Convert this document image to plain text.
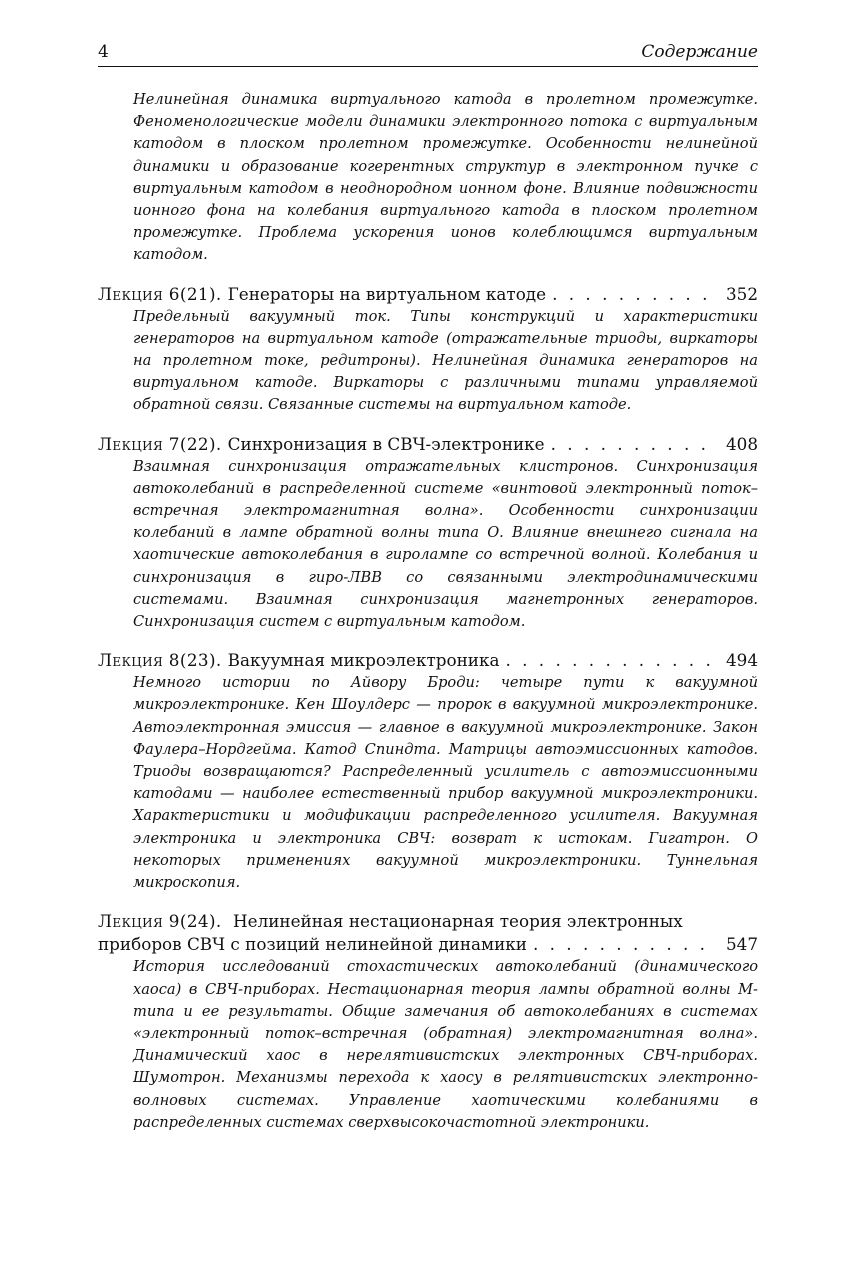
4	Содержание
Нелинейная динамика виртуального катода в пролетном промежутке. Феноменологические модели динамики электронного потока с виртуальным катодом в плоском пролетном промежутке. Особенности нелинейной динамики и образование когерентных структур в электронном пучке с виртуальным катодом в неоднородном ионном фоне. Влияние подвижности ионного фона на колебания виртуального катода в плоском пролетном промежутке. Проблема ускорения ионов колеблющимся виртуальным катодом.
Лекция 6(21). Генераторы на виртуальном катоде . . .	352
Предельный вакуумный ток. Типы конструкций и характеристики генераторов на виртуальном катоде (отражательные триоды, виркаторы на пролетном токе, редитроны). Нелинейная динамика генераторов на виртуальном катоде. Виркаторы с различными типами управляемой обратной связи. Связанные системы на виртуальном катоде.
Лекция 7(22). Синхронизация в СВЧ-электронике . . .	408
Взаимная синхронизация отражательных клистронов. Синхронизация автоколебаний в распределенной системе «винтовой электронный поток–встречная электромагнитная волна». Особенности синхронизации колебаний в лампе обратной волны типа О. Влияние внешнего сигнала на хаотические автоколебания в гиролампе со встречной волной. Колебания и синхронизация в гиро-ЛВВ со связанными электродинамическими системами. Взаимная синхронизация магнетронных генераторов. Синхронизация систем с виртуальным катодом.
Лекция 8(23). Вакуумная микроэлектроника . . .	494
Немного истории по Айвору Броди: четыре пути к вакуумной микроэлектронике. Кен Шоулдерс — пророк в вакуумной микроэлектронике. Автоэлектронная эмиссия — главное в вакуумной микроэлектронике. Закон Фаулера–Нордгейма. Катод Спиндта. Матрицы автоэмиссионных катодов. Триоды возвращаются? Распределенный усилитель с автоэмиссионными катодами — наиболее естественный прибор вакуумной микроэлектроники. Характеристики и модификации распределенного усилителя. Вакуумная электроника и электроника СВЧ: возврат к истокам. Гигатрон. О некоторых применениях вакуумной микроэлектроники. Туннельная микроскопия.
Лекция 9(24). Нелинейная нестационарная теория электронных
приборов СВЧ с позиций нелинейной динамики . . .	547
История исследований стохастических автоколебаний (динамического хаоса) в СВЧ-приборах. Нестационарная теория лампы обратной волны М-типа и ее результаты. Общие замечания об автоколебаниях в системах «электронный поток–встречная (обратная) электромагнитная волна». Динамический хаос в нерелятивистских электронных СВЧ-приборах. Шумотрон. Механизмы перехода к хаосу в релятивистских электронно-волновых системах. Управление хаотическими колебаниями в распределенных системах сверхвысокочастотной электроники.
